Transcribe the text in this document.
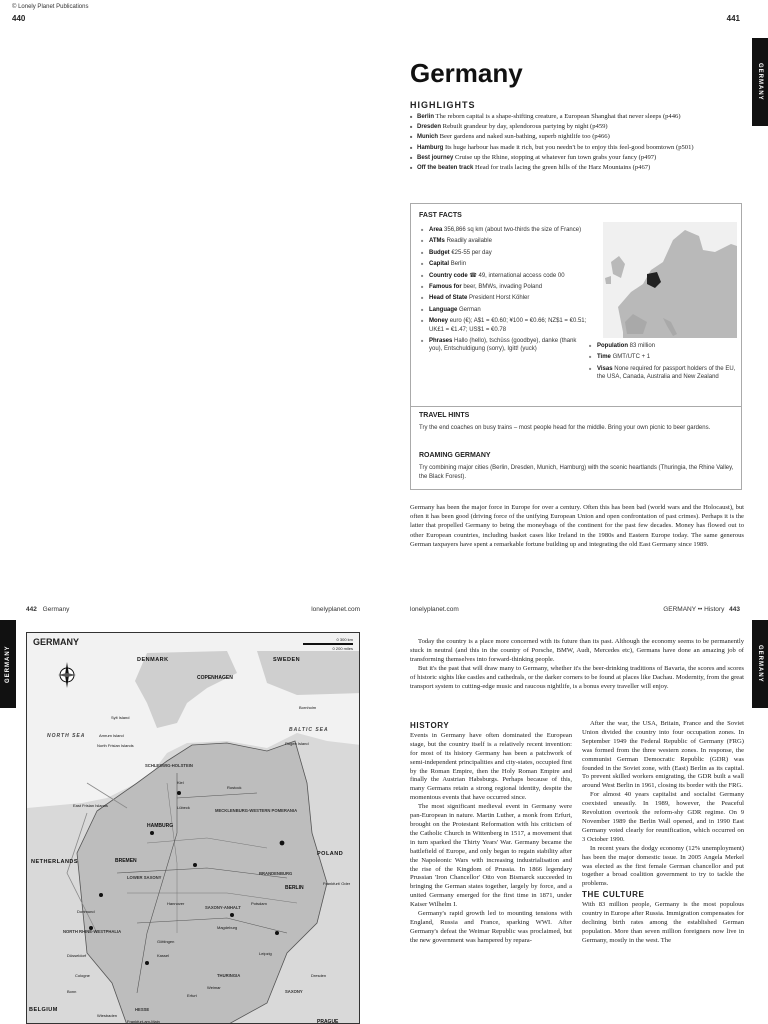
© Lonely Planet Publications
440	441
GERMANY
Germany
HIGHLIGHTS
■ Berlin The reborn capital is a shape-shifting creature, a European Shanghai that never sleeps (p446)
■ Dresden Rebuilt grandeur by day, splendorous partying by night (p459)
■ Munich Beer gardens and naked sun-bathing, superb nightlife too (p466)
■ Hamburg Its huge harbour has made it rich, but you needn't be to enjoy this feel-good boomtown (p501)
■ Best journey Cruise up the Rhine, stopping at whatever fun town grabs your fancy (p497)
■ Off the beaten track Head for trails lacing the green hills of the Harz Mountains (p467)
FAST FACTS
■ Area 356,866 sq km (about two-thirds the size of France)
■ ATMs Readily available
■ Budget €25-55 per day
■ Capital Berlin
■ Country code ☎ 49, international access code 00
■ Famous for beer, BMWs, invading Poland
■ Head of State President Horst Köhler
■ Language German
■ Money euro (€); A$1 = €0.60; ¥100 = €0.66; NZ$1 = €0.51; UK£1 = €1.47; US$1 = €0.78
■ Phrases Hallo (hello), tschüss (goodbye), danke (thank you), Entschuldigung (sorry), Igitt! (yuck)
■ Population 83 million
■ Time GMT/UTC + 1
■ Visas None required for passport holders of the EU, the USA, Canada, Australia and New Zealand
TRAVEL HINTS
Try the end coaches on busy trains – most people head for the middle. Bring your own picnic to beer gardens.
ROAMING GERMANY
Try combining major cities (Berlin, Dresden, Munich, Hamburg) with the scenic heartlands (Thuringia, the Rhine Valley, the Black Forest).

Germany has been the major force in Europe for over a century. Often this has been bad (world wars and the Holocaust), but often it has been good (driving force of the unifying European Union and open confrontation of past crimes). Perhaps it is the latter that propelled Germany to being the moneybags of the continent for the past few decades. Money has flowed out to other European countries, including basket cases like Ireland in the 1980s and Eastern Europe today. The same generous German taxpayers have spent a remarkable fortune building up and integrating the old East Germany since 1989.

GERMANY
442 Germany	lonelyplanet.com
GERMANY	0 300 km
0 200 miles
DENMARK	SWEDEN
COPENHAGEN
Bornholm
NORTH SEA
BALTIC SEA
Sylt Island
Amrum Island
North Frisian Islands
East Frisian Islands
Rügen Island
SCHLESWIG-HOLSTEIN
MECKLENBURG-WESTERN POMERANIA
Kiel
Lübeck
Rostock
HAMBURG
BREMEN
NETHERLANDS
LOWER SAXONY
BRANDENBURG
POLAND
BERLIN
Potsdam
Frankfurt/ Oder
SAXONY-ANHALT
Hannover
Magdeburg
NORTH RHINE-WESTPHALIA
Dortmund
Düsseldorf
Cologne
Bonn
Kassel
Göttingen
Leipzig
THURINGIA
Weimar
Erfurt
SAXONY
Dresden
BELGIUM	HESSE
Wiesbaden
Frankfurt-am-Main	PRAGUE
lonelyplanet.com	GERMANY •• History 443
GERMANY

Today the country is a place more concerned with its future than its past. Although the economy seems to be permanently stuck in neutral (and this in the country of Porsche, BMW, Audi, Mercedes etc), Germans have done an amazing job of transforming themselves into forward-thinking people.

But it's the past that will draw many to Germany, whether it's the beer-drinking traditions of Bavaria, the scores and scores of historic sights like castles and cathedrals, or the darker corners to be found at places like Dachau. Modernity, from the great transport system to cutting-edge music and raucous nightlife, is a bonus every traveller will enjoy.

HISTORY

Events in Germany have often dominated the European stage, but the country itself is a relatively recent invention: for most of its history Germany has been a patchwork of semi-independent principalities and city-states, occupied first by the Roman Empire, then the Holy Roman Empire and finally the Austrian Habsburgs. Perhaps because of this, many Germans retain a strong regional identity, despite the momentous events that have occurred since.

The most significant medieval event in Germany were pan-European in nature. Martin Luther, a monk from Erfurt, brought on the Protestant Reformation with his criticism of the Catholic Church in Wittenberg in 1517, a movement that in turn sparked the Thirty Years' War. Germany became the battlefield of Europe, and only began to regain stability after the Napoleonic Wars with increasing industrialisation and the rise of the Kingdom of Prussia. In 1866 legendary Prussian 'Iron Chancellor' Otto von Bismarck succeeded in bringing the German states together, largely by force, and a united Germany emerged for the first time in 1871, under Kaiser Wilhelm I.

Germany's rapid growth led to mounting tensions with England, Russia and France, sparking WWI. After Germany's defeat the Weimar Republic was proclaimed, but the new government was hampered by repara-

After the war, the USA, Britain, France and the Soviet Union divided the country into four occupation zones. In September 1949 the Federal Republic of Germany (FRG) was formed from the three western zones. In response, the communist German Democratic Republic (GDR) was founded in the Soviet zone, with (East) Berlin as its capital. To prevent skilled workers emigrating, the GDR built a wall around West Berlin in 1961, closing its border with the FRG.

For almost 40 years capitalist and socialist Germany coexisted uneasily. In 1989, however, the Peaceful Revolution overtook the reform-shy GDR regime. On 9 November 1989 the Berlin Wall opened, and in 1990 East Germany voted clearly for reunification, which occurred on 3 October 1990.

In recent years the dodgy economy (12% unemployment) has been the major domestic issue. In 2005 Angela Merkel was elected as the first female German chancellor and put together a broad coalition government to try to tackle the problems.

THE CULTURE

With 83 million people, Germany is the most populous country in Europe after Russia. Immigration compensates for declining birth rates among the established German population. More than seven million foreigners now live in Germany, mostly in the west. The
